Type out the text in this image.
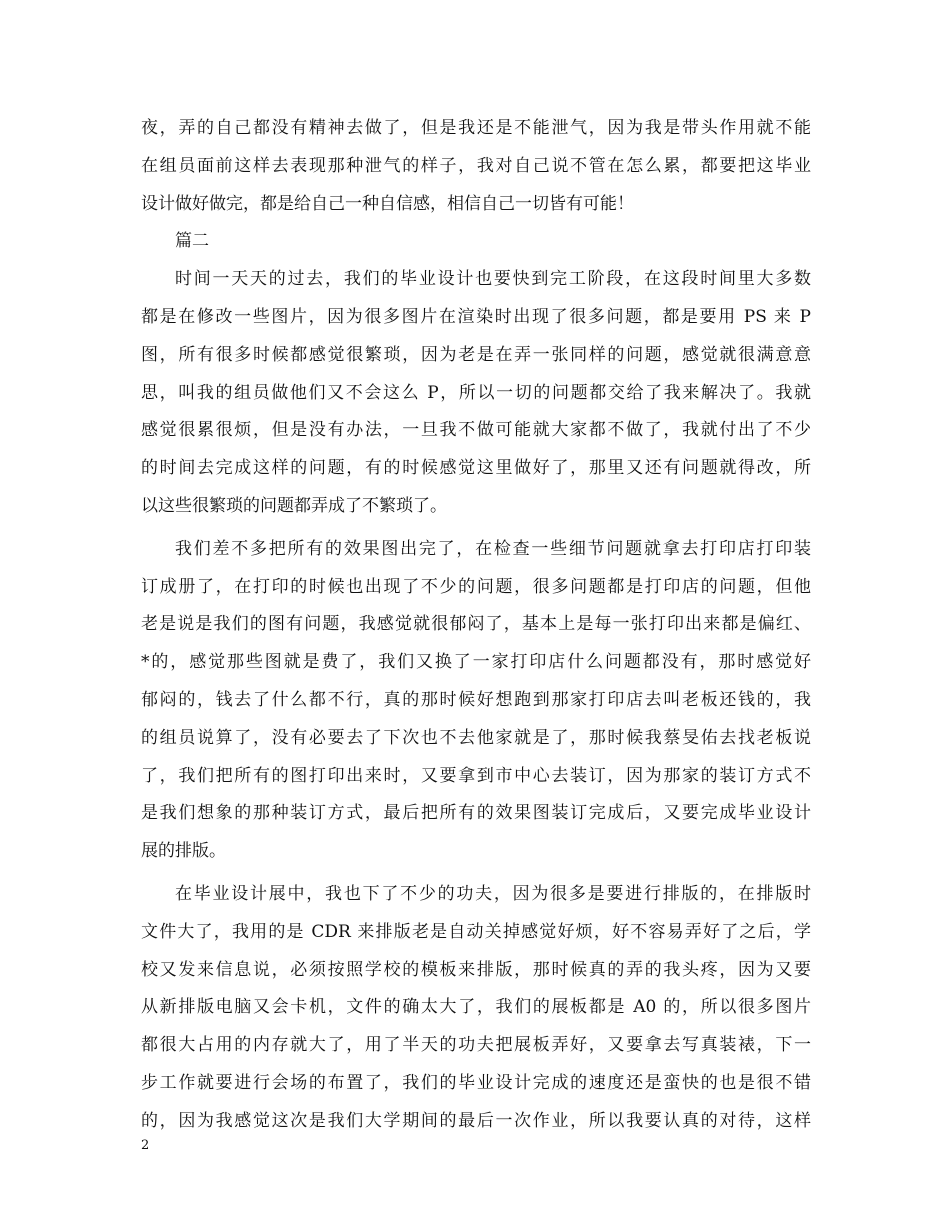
夜，弄的自己都没有精神去做了，但是我还是不能泄气，因为我是带头作用就不能
在组员面前这样去表现那种泄气的样子，我对自己说不管在怎么累，都要把这毕业
设计做好做完，都是给自己一种自信感，相信自己一切皆有可能！
篇二
时间一天天的过去，我们的毕业设计也要快到完工阶段，在这段时间里大多数
都是在修改一些图片，因为很多图片在渲染时出现了很多问题，都是要用 PS 来 P
图，所有很多时候都感觉很繁琐，因为老是在弄一张同样的问题，感觉就很满意意
思，叫我的组员做他们又不会这么 P，所以一切的问题都交给了我来解决了。我就
感觉很累很烦，但是没有办法，一旦我不做可能就大家都不做了，我就付出了不少
的时间去完成这样的问题，有的时候感觉这里做好了，那里又还有问题就得改，所
以这些很繁琐的问题都弄成了不繁琐了。
我们差不多把所有的效果图出完了，在检查一些细节问题就拿去打印店打印装
订成册了，在打印的时候也出现了不少的问题，很多问题都是打印店的问题，但他
老是说是我们的图有问题，我感觉就很郁闷了，基本上是每一张打印出来都是偏红、
*的，感觉那些图就是费了，我们又换了一家打印店什么问题都没有，那时感觉好
郁闷的，钱去了什么都不行，真的那时候好想跑到那家打印店去叫老板还钱的，我
的组员说算了，没有必要去了下次也不去他家就是了，那时候我蔡旻佑去找老板说
了，我们把所有的图打印出来时，又要拿到市中心去装订，因为那家的装订方式不
是我们想象的那种装订方式，最后把所有的效果图装订完成后，又要完成毕业设计
展的排版。
在毕业设计展中，我也下了不少的功夫，因为很多是要进行排版的，在排版时
文件大了，我用的是 CDR 来排版老是自动关掉感觉好烦，好不容易弄好了之后，学
校又发来信息说，必须按照学校的模板来排版，那时候真的弄的我头疼，因为又要
从新排版电脑又会卡机，文件的确太大了，我们的展板都是 A0 的，所以很多图片
都很大占用的内存就大了，用了半天的功夫把展板弄好，又要拿去写真装裱，下一
步工作就要进行会场的布置了，我们的毕业设计完成的速度还是蛮快的也是很不错
的，因为我感觉这次是我们大学期间的最后一次作业，所以我要认真的对待，这样
2
